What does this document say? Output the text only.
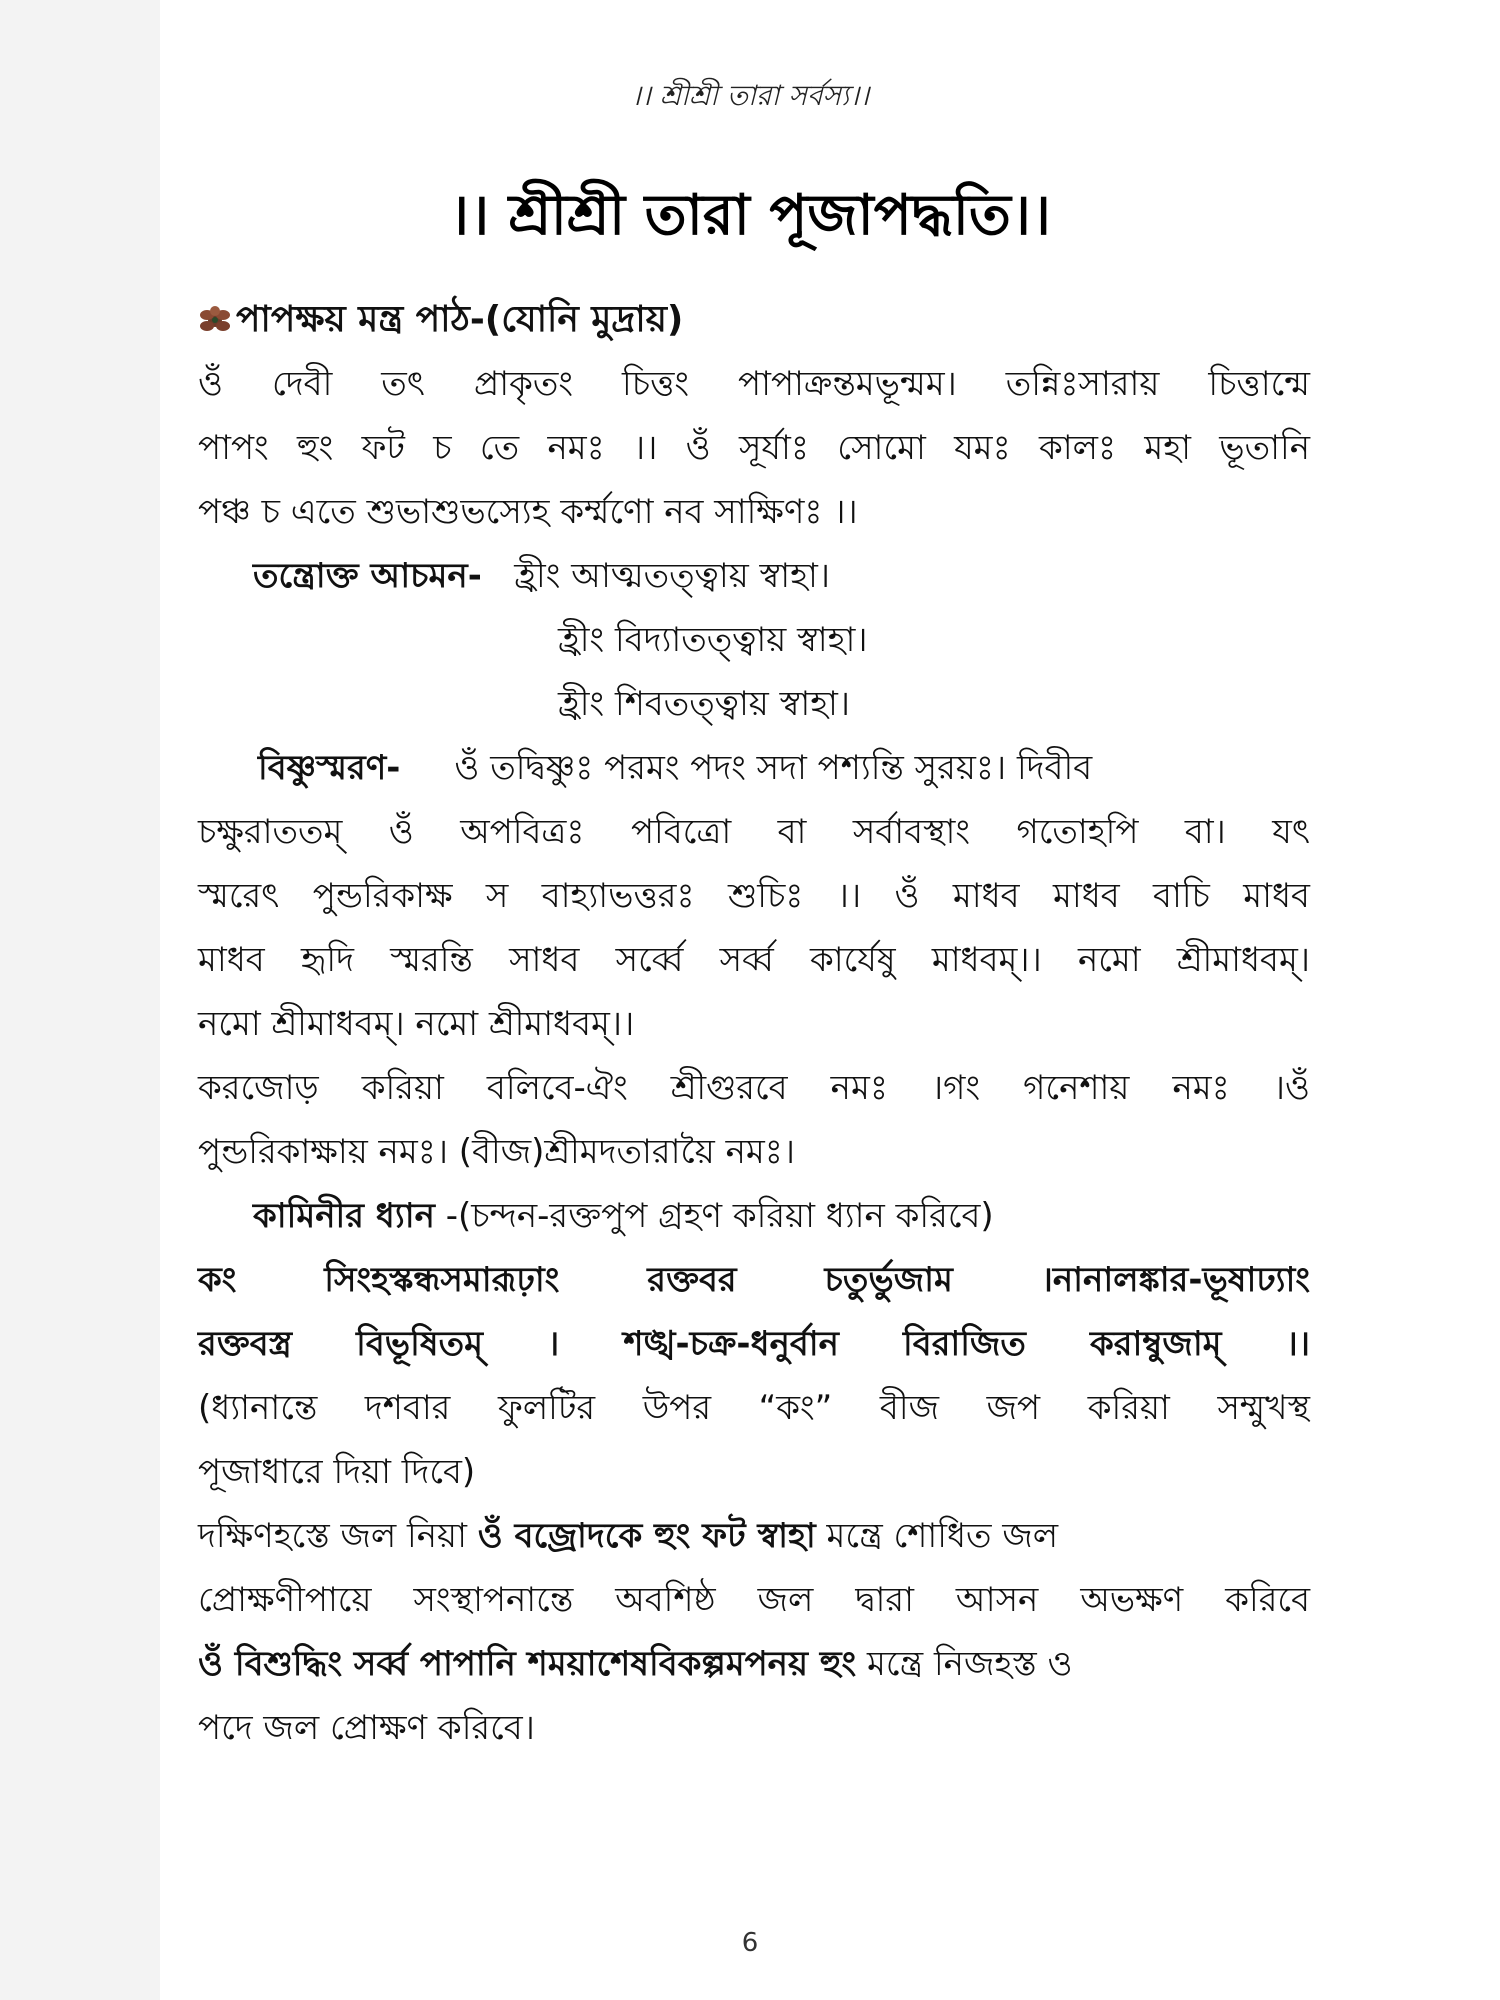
।। শ্রীশ্রী তারা সর্বস্য।।
।। শ্রীশ্রী তারা পূজাপদ্ধতি।।
পাপক্ষয় মন্ত্র পাঠ-(যোনি মুদ্রায়)
ওঁ দেবী তৎ প্রাকৃতং চিত্তং পাপাক্রন্তমভূন্মম। তন্নিঃসারায় চিত্তান্মে
পাপং হুং ফট চ তে নমঃ ।। ওঁ সূর্যাঃ সোমো যমঃ কালঃ মহা ভূতানি
পঞ্চ চ এতে শুভাশুভস্যেহ কর্ম্মণো নব সাক্ষিণঃ ।।
তন্ত্রোক্ত আচমন- হ্রীং আত্মতত্ত্বায় স্বাহা।
হ্রীং বিদ্যাতত্ত্বায় স্বাহা।
হ্রীং শিবতত্ত্বায় স্বাহা।
বিষ্ণুস্মরণ- ওঁ তদ্বিষ্ণুঃ পরমং পদং সদা পশ্যন্তি সুরয়ঃ। দিবীব
চক্ষুরাততম্ ওঁ অপবিত্রঃ পবিত্রো বা সর্বাবস্থাং গতোহপি বা। যৎ
স্মরেৎ পুন্ডরিকাক্ষ স বাহ্যাভত্তরঃ শুচিঃ ।। ওঁ মাধব মাধব বাচি মাধব
মাধব হৃদি স্মরন্তি সাধব সর্ব্বে সর্ব্ব কার্যেষু মাধবম্।। নমো শ্রীমাধবম্।
নমো শ্রীমাধবম্। নমো শ্রীমাধবম্।।
করজোড় করিয়া বলিবে-ঐং শ্রীগুরবে নমঃ ।গং গনেশায় নমঃ ।ওঁ
পুন্ডরিকাক্ষায় নমঃ। (বীজ)শ্রীমদতারায়ৈ নমঃ।
কামিনীর ধ্যান -(চন্দন-রক্তপুপ গ্রহণ করিয়া ধ্যান করিবে)
কং সিংহস্কন্ধসমারূঢ়াং রক্তবর চতুর্ভুজাম ।নানালঙ্কার-ভূষাঢ্যাং
রক্তবস্ত্র বিভূষিতম্ । শঙ্খ-চক্র-ধনুর্বান বিরাজিত করাম্বুজাম্ ।।
(ধ্যানান্তে দশবার ফুলটির উপর “কং” বীজ জপ করিয়া সম্মুখস্থ
পূজাধারে দিয়া দিবে)
দক্ষিণহস্তে জল নিয়া ওঁ বজ্রোদকে হুং ফট স্বাহা মন্ত্রে শোধিত জল
প্রোক্ষণীপায়ে সংস্থাপনান্তে অবশিষ্ঠ জল দ্বারা আসন অভক্ষণ করিবে
ওঁ বিশুদ্ধিং সর্ব্ব পাপানি শময়াশেষবিকল্পমপনয় হুং মন্ত্রে নিজহস্ত ও
পদে জল প্রোক্ষণ করিবে।
6
